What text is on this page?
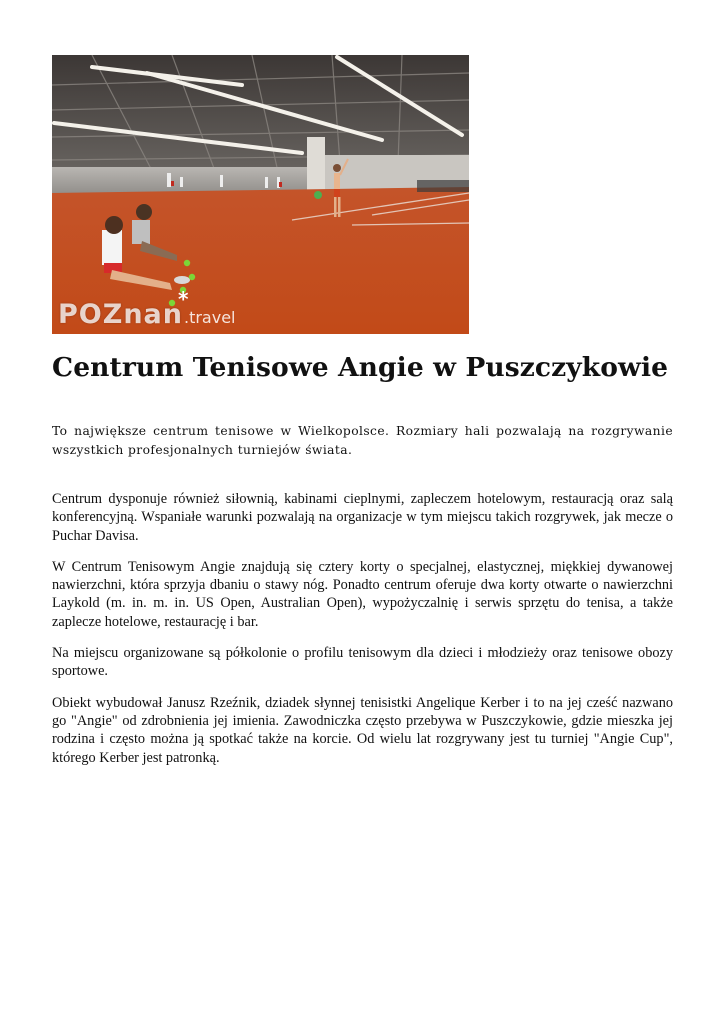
*
POZnan.travel
Centrum Tenisowe Angie w Puszczykowie

To największe centrum tenisowe w Wielkopolsce. Rozmiary hali pozwalają na rozgrywanie wszystkich profesjonalnych turniejów świata.

Centrum dysponuje również siłownią, kabinami cieplnymi, zapleczem hotelowym, restauracją oraz salą konferencyjną. Wspaniałe warunki pozwalają na organizacje w tym miejscu takich rozgrywek, jak mecze o Puchar Davisa.

W Centrum Tenisowym Angie znajdują się cztery korty o specjalnej, elastycznej, miękkiej dywanowej nawierzchni, która sprzyja dbaniu o stawy nóg. Ponadto centrum oferuje dwa korty otwarte o nawierzchni Laykold (m. in. m. in. US Open, Australian Open), wypożyczalnię i serwis sprzętu do tenisa, a także zaplecze hotelowe, restaurację i bar.

Na miejscu organizowane są półkolonie o profilu tenisowym dla dzieci i młodzieży oraz tenisowe obozy sportowe.

Obiekt wybudował Janusz Rzeźnik, dziadek słynnej tenisistki Angelique Kerber i to na jej cześć nazwano go "Angie" od zdrobnienia jej imienia. Zawodniczka często przebywa w Puszczykowie, gdzie mieszka jej rodzina i często można ją spotkać także na korcie. Od wielu lat rozgrywany jest tu turniej "Angie Cup", którego Kerber jest patronką.
